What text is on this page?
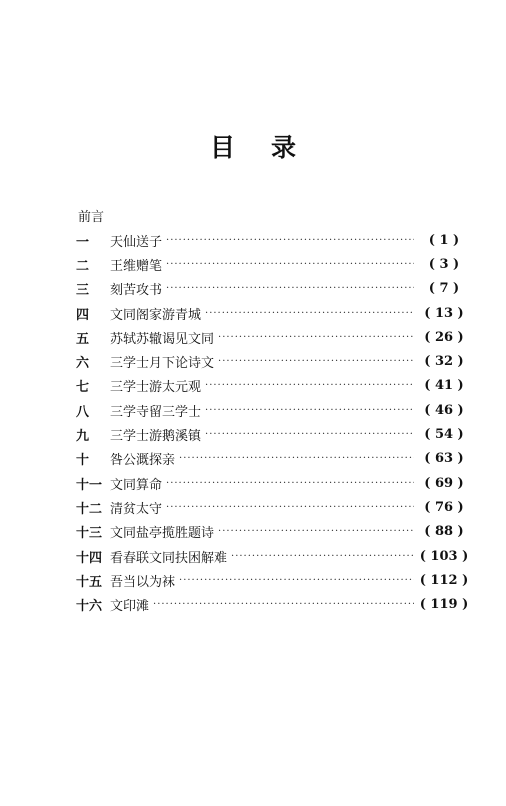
目 录
前言
一	天仙送子 ·····	( 1 )
二	王维赠笔 ·····	( 3 )
三	刻苦攻书 ·····	( 7 )
四	文同阁家游青城 ·····	( 13 )
五	苏轼苏辙谒见文同 ·····	( 26 )
六	三学士月下论诗文 ·····	( 32 )
七	三学士游太元观 ·····	( 41 )
八	三学寺留三学士 ·····	( 46 )
九	三学士游鹅溪镇 ·····	( 54 )
十	咎公溉探亲 ·····	( 63 )
十一 文同算命 ·····	( 69 )
十二 清贫太守 ·····	( 76 )
十三 文同盐亭揽胜题诗 ·····	( 88 )
十四 看春联文同扶困解难 ·····	( 103 )
十五 吾当以为袜 ·····	( 112 )
十六 文印滩 ·····	( 119 )
